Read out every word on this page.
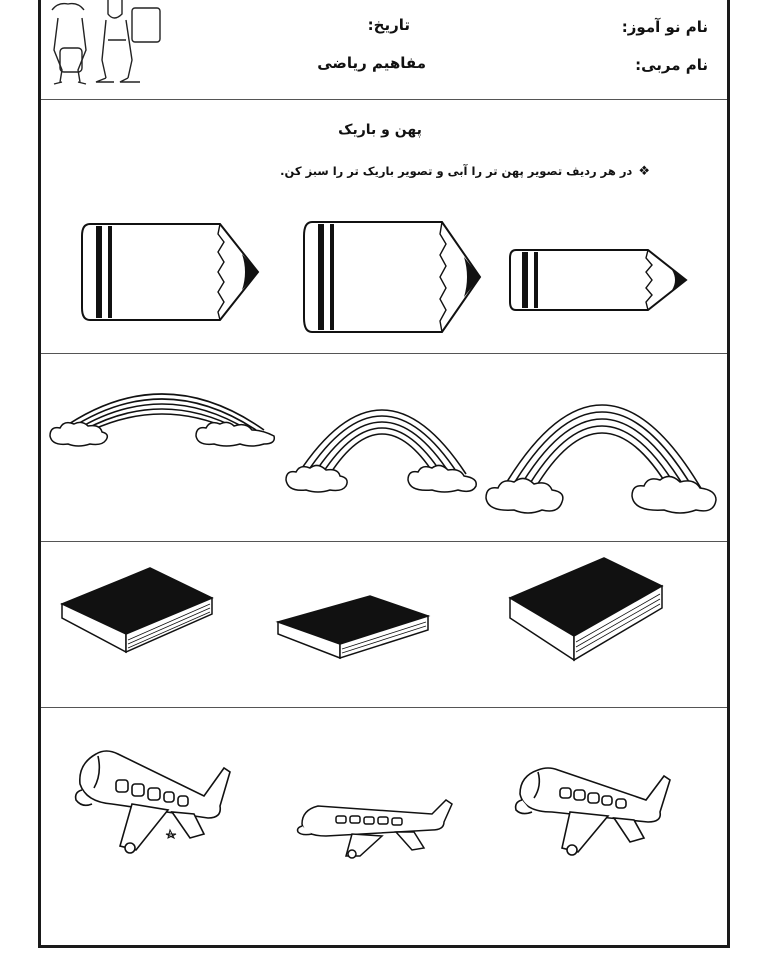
نام نو آموز:
تاریخ:
نام مربی:
مفاهیم ریاضی
پهن و باریک
❖در هر ردیف تصویر پهن تر را آبی و تصویر باریک تر را سبز کن.
